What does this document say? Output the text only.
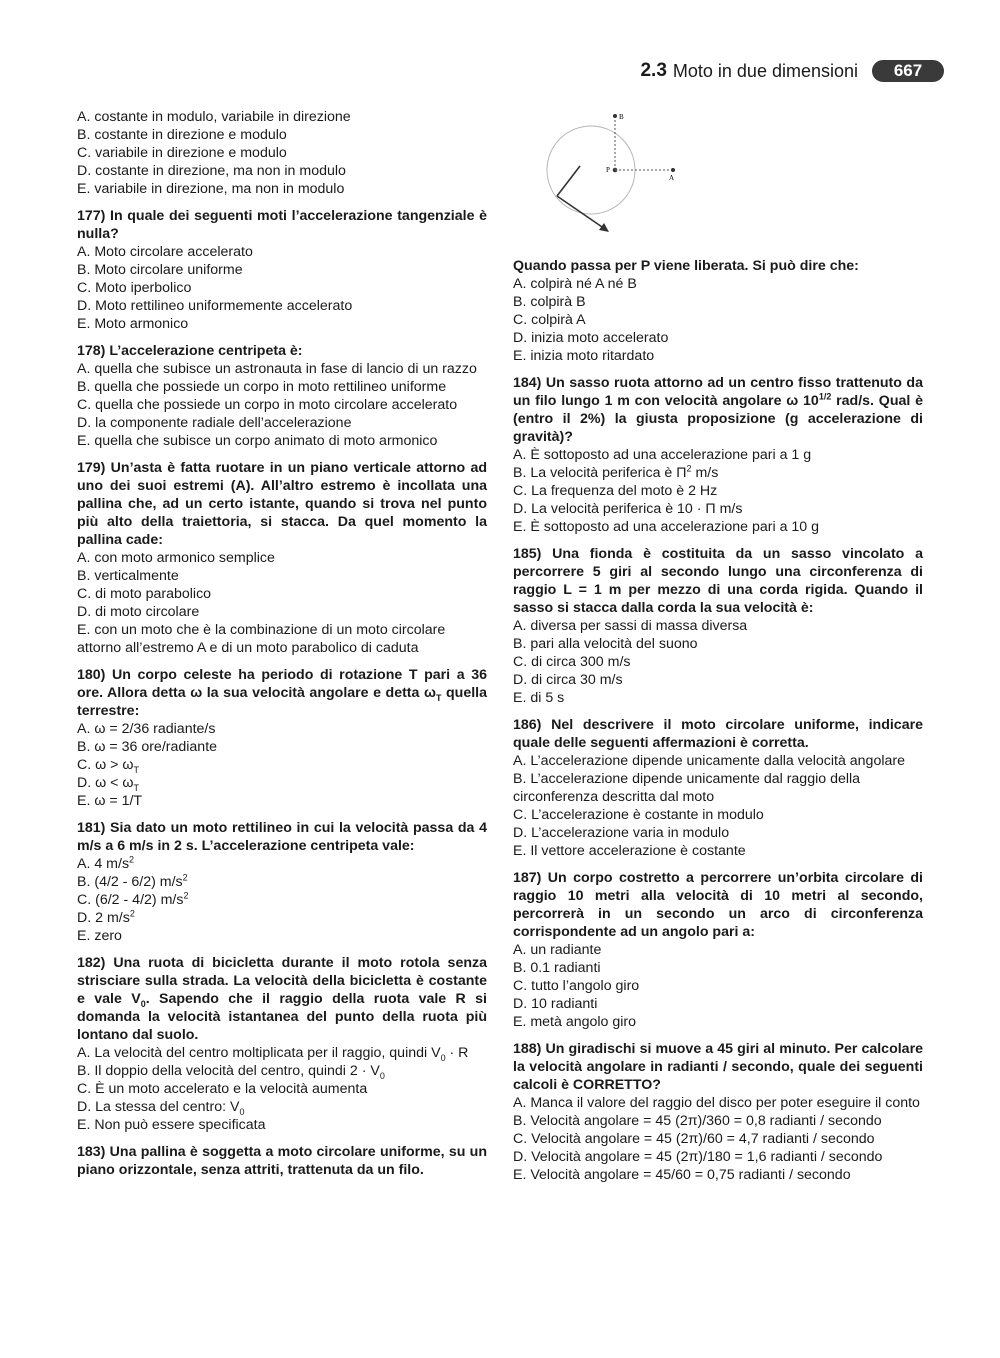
2.3 Moto in due dimensioni	667
A. costante in modulo, variabile in direzione
B. costante in direzione e modulo
C. variabile in direzione e modulo
D. costante in direzione, ma non in modulo
E. variabile in direzione, ma non in modulo
177) In quale dei seguenti moti l’accelerazione tangenziale è nulla?
A. Moto circolare accelerato
B. Moto circolare uniforme
C. Moto iperbolico
D. Moto rettilineo uniformemente accelerato
E. Moto armonico
178) L’accelerazione centripeta è:
A. quella che subisce un astronauta in fase di lancio di un razzo
B. quella che possiede un corpo in moto rettilineo uniforme
C. quella che possiede un corpo in moto circolare accelerato
D. la componente radiale dell’accelerazione
E. quella che subisce un corpo animato di moto armonico
179) Un’asta è fatta ruotare in un piano verticale attorno ad uno dei suoi estremi (A). All’altro estremo è incollata una pallina che, ad un certo istante, quando si trova nel punto più alto della traiettoria, si stacca. Da quel momento la pallina cade:
A. con moto armonico semplice
B. verticalmente
C. di moto parabolico
D. di moto circolare
E. con un moto che è la combinazione di un moto circolare attorno all’estremo A e di un moto parabolico di caduta
180) Un corpo celeste ha periodo di rotazione T pari a 36 ore. Allora detta ω la sua velocità angolare e detta $\omega_T$ quella terrestre:
A. ω = 2/36 radiante/s
B. ω = 36 ore/radiante
C. $\omega > \omega_T$
D. $\omega < \omega_T$
E. ω = 1/T
181) Sia dato un moto rettilineo in cui la velocità passa da 4 m/s a 6 m/s in 2 s. L’accelerazione centripeta vale:
A. 4 $m/s^2$
B. (4/2 - 6/2) $m/s^2$
C. (6/2 - 4/2) $m/s^2$
D. 2 $m/s^2$
E. zero
182) Una ruota di bicicletta durante il moto rotola senza strisciare sulla strada. La velocità della bicicletta è costante e vale $V_0$. Sapendo che il raggio della ruota vale R si domanda la velocità istantanea del punto della ruota più lontano dal suolo.
A. La velocità del centro moltiplicata per il raggio, quindi $V_0 \cdot R$
B. Il doppio della velocità del centro, quindi $2 \cdot V_0$
C. È un moto accelerato e la velocità aumenta
D. La stessa del centro: $V_0$
E. Non può essere specificata
183) Una pallina è soggetta a moto circolare uniforme, su un piano orizzontale, senza attriti, trattenuta da un filo.
B
P
A
Quando passa per P viene liberata. Si può dire che:
A. colpirà né A né B
B. colpirà B
C. colpirà A
D. inizia moto accelerato
E. inizia moto ritardato
184) Un sasso ruota attorno ad un centro fisso trattenuto da un filo lungo 1 m con velocità angolare ω $10^{1/2}$ rad/s. Qual è (entro il 2%) la giusta proposizione (g accelerazione di gravità)?
A. È sottoposto ad una accelerazione pari a 1 g
B. La velocità periferica è $\Pi^2$ m/s
C. La frequenza del moto è 2 Hz
D. La velocità periferica è 10 · Π m/s
E. È sottoposto ad una accelerazione pari a 10 g
185) Una fionda è costituita da un sasso vincolato a percorrere 5 giri al secondo lungo una circonferenza di raggio L = 1 m per mezzo di una corda rigida. Quando il sasso si stacca dalla corda la sua velocità è:
A. diversa per sassi di massa diversa
B. pari alla velocità del suono
C. di circa 300 m/s
D. di circa 30 m/s
E. di 5 s
186) Nel descrivere il moto circolare uniforme, indicare quale delle seguenti affermazioni è corretta.
A. L’accelerazione dipende unicamente dalla velocità angolare
B. L’accelerazione dipende unicamente dal raggio della circonferenza descritta dal moto
C. L’accelerazione è costante in modulo
D. L’accelerazione varia in modulo
E. Il vettore accelerazione è costante
187) Un corpo costretto a percorrere un’orbita circolare di raggio 10 metri alla velocità di 10 metri al secondo, percorrerà in un secondo un arco di circonferenza corrispondente ad un angolo pari a:
A. un radiante
B. 0.1 radianti
C. tutto l’angolo giro
D. 10 radianti
E. metà angolo giro
188) Un giradischi si muove a 45 giri al minuto. Per calcolare la velocità angolare in radianti / secondo, quale dei seguenti calcoli è CORRETTO?
A. Manca il valore del raggio del disco per poter eseguire il conto
B. Velocità angolare = 45 (2π)/360 = 0,8 radianti / secondo
C. Velocità angolare = 45 (2π)/60 = 4,7 radianti / secondo
D. Velocità angolare = 45 (2π)/180 = 1,6 radianti / secondo
E. Velocità angolare = 45/60 = 0,75 radianti / secondo
